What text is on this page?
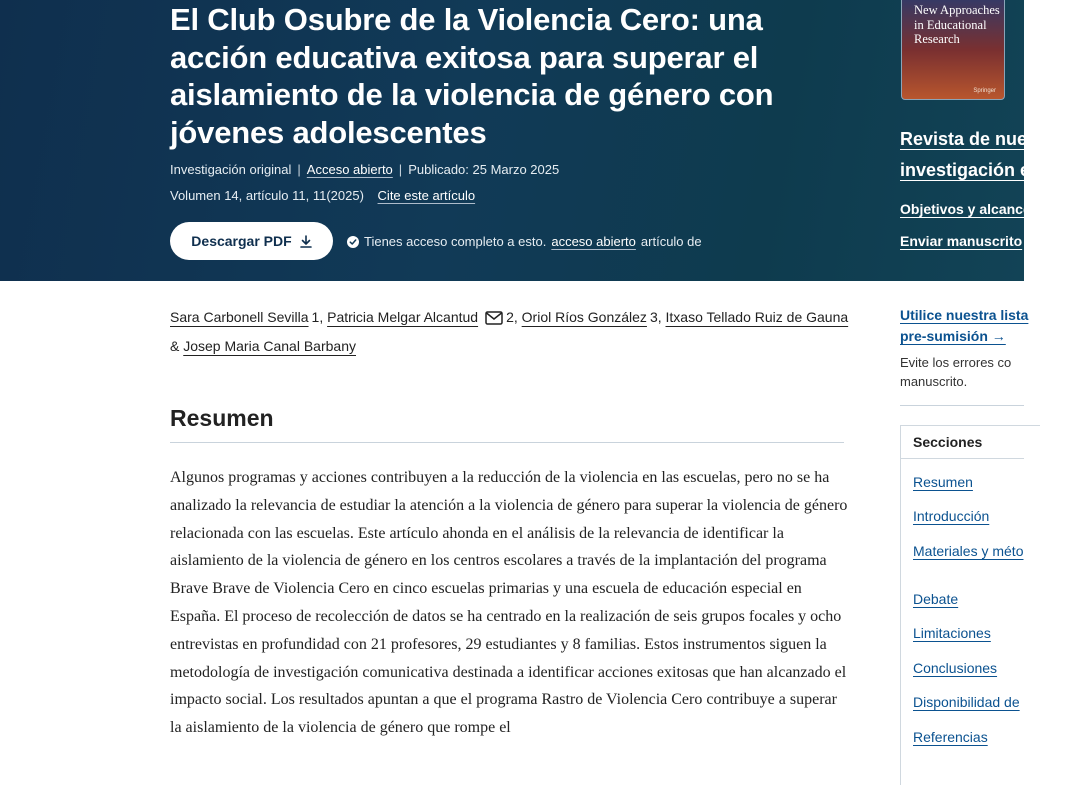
El Club Osubre de la Violencia Cero: una acción educativa exitosa para superar el aislamiento de la violencia de género con jóvenes adolescentes
Investigación original | Acceso abierto | Publicado: 25 Marzo 2025
Volumen 14, artículo 11, 11(2025) Cite este artículo
Descargar PDF	Tienes acceso completo a esto. acceso abierto artículo de
New Approaches in Educational Research
Springer
Revista de nuevos
investigación e
Objetivos y alcance
Enviar manuscrito
Sara Carbonell Sevilla 1, Patricia Melgar Alcantud 2, Oriol Ríos González 3, Itxaso Tellado Ruiz de Gauna & Josep Maria Canal Barbany
Resumen

Algunos programas y acciones contribuyen a la reducción de la violencia en las escuelas, pero no se ha analizado la relevancia de estudiar la atención a la violencia de género para superar la violencia de género relacionada con las escuelas. Este artículo ahonda en el análisis de la relevancia de identificar la aislamiento de la violencia de género en los centros escolares a través de la implantación del programa Brave Brave de Violencia Cero en cinco escuelas primarias y una escuela de educación especial en España. El proceso de recolección de datos se ha centrado en la realización de seis grupos focales y ocho entrevistas en profundidad con 21 profesores, 29 estudiantes y 8 familias. Estos instrumentos siguen la metodología de investigación comunicativa destinada a identificar acciones exitosas que han alcanzado el impacto social. Los resultados apuntan a que el programa Rastro de Violencia Cero contribuye a superar la aislamiento de la violencia de género que rompe el

Utilice nuestra lista
pre-sumisión →
Evite los errores co
manuscrito.
Secciones
Resumen
Introducción
Materiales y méto
Debate
Limitaciones
Conclusiones
Disponibilidad de
Referencias
